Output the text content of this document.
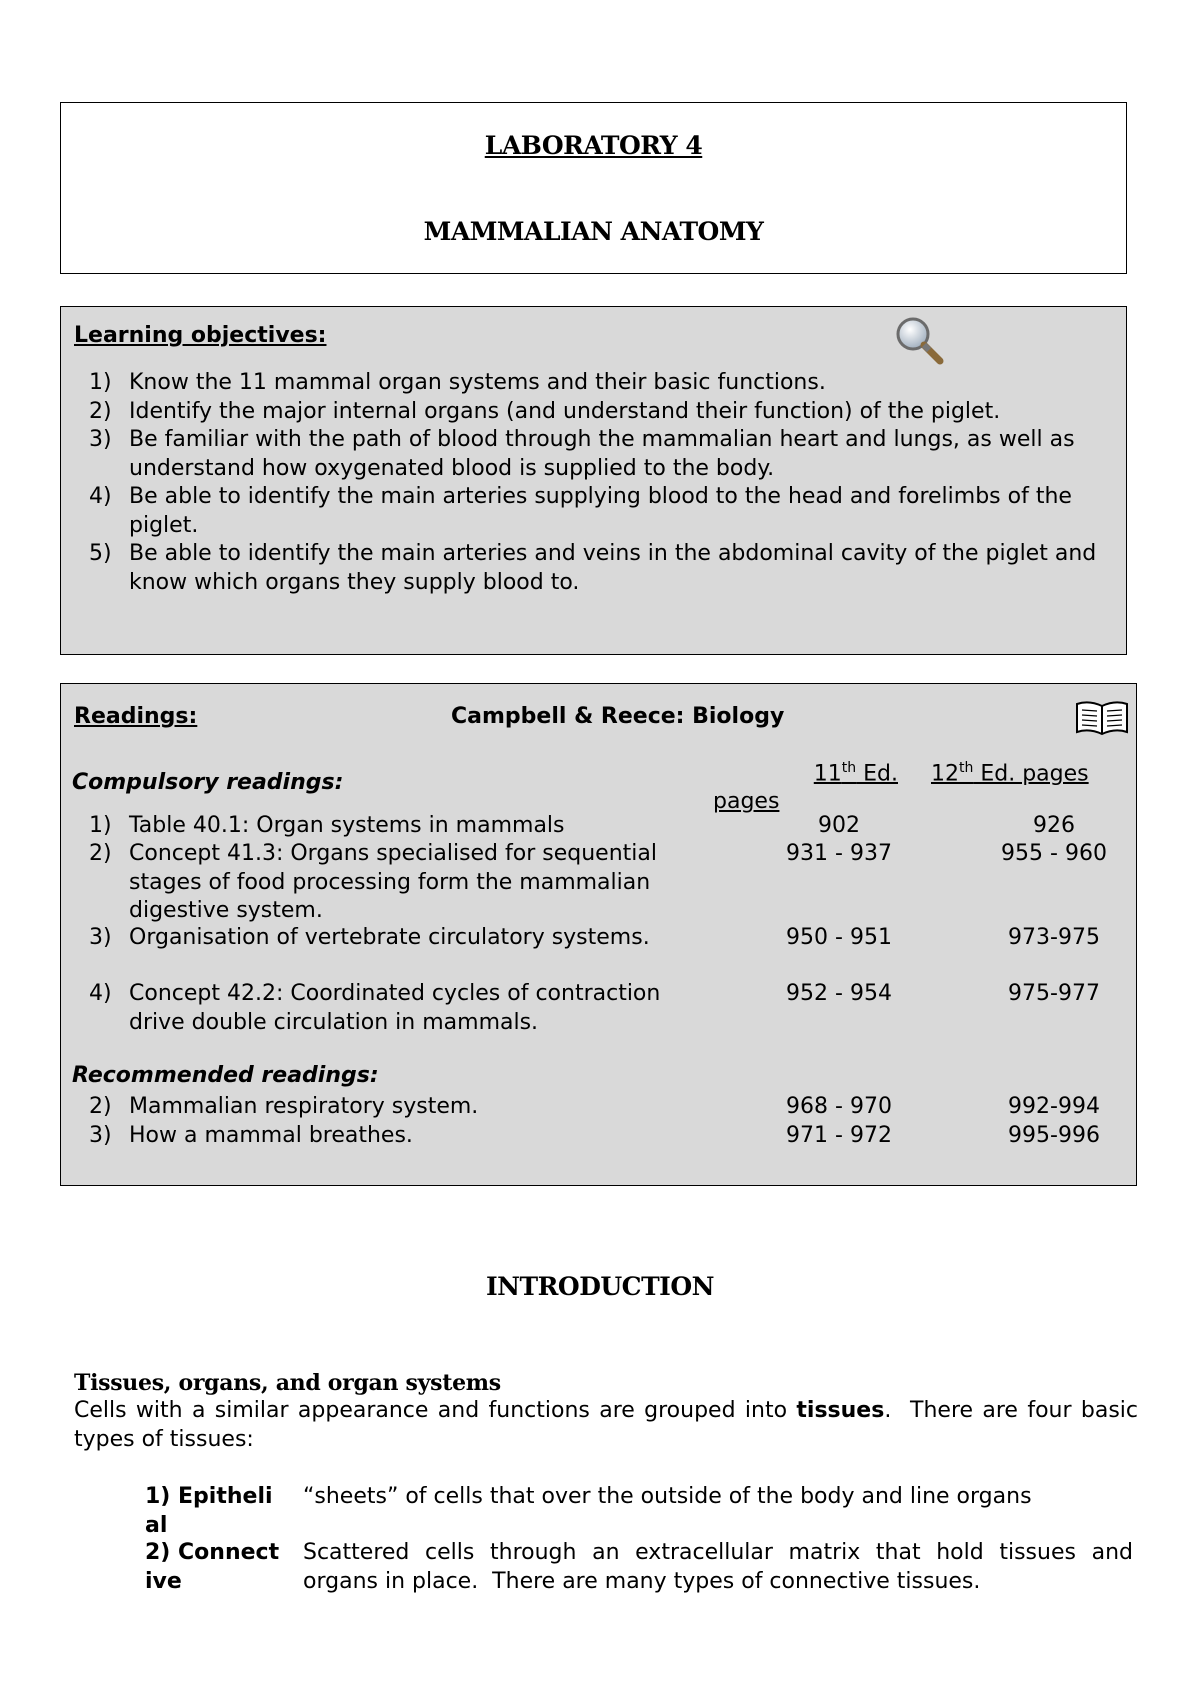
LABORATORY 4
MAMMALIAN ANATOMY
Learning objectives:
1) Know the 11 mammal organ systems and their basic functions.
2) Identify the major internal organs (and understand their function) of the piglet.
3) Be familiar with the path of blood through the mammalian heart and lungs, as well as understand how oxygenated blood is supplied to the body.
4) Be able to identify the main arteries supplying blood to the head and forelimbs of the piglet.
5) Be able to identify the main arteries and veins in the abdominal cavity of the piglet and know which organs they supply blood to.
Readings:	Campbell & Reece: Biology
Compulsory readings:	11th Ed.
pages
12th Ed. pages
1) Table 40.1: Organ systems in mammals	902	926
2) Concept 41.3: Organs specialised for sequential stages of food processing form the mammalian digestive system.
931 - 937	955 - 960
3) Organisation of vertebrate circulatory systems.	950 - 951	973-975
4) Concept 42.2: Coordinated cycles of contraction drive double circulation in mammals.
952 - 954	975-977
Recommended readings:
2) Mammalian respiratory system.	968 - 970	992-994
3) How a mammal breathes.	971 - 972	995-996
INTRODUCTION
Tissues, organs, and organ systems
Cells with a similar appearance and functions are grouped into tissues.  There are four basic types of tissues:
1) Epithelial
“sheets” of cells that over the outside of the body and line organs
2) Connective
Scattered cells through an extracellular matrix that hold tissues and organs in place.  There are many types of connective tissues.
